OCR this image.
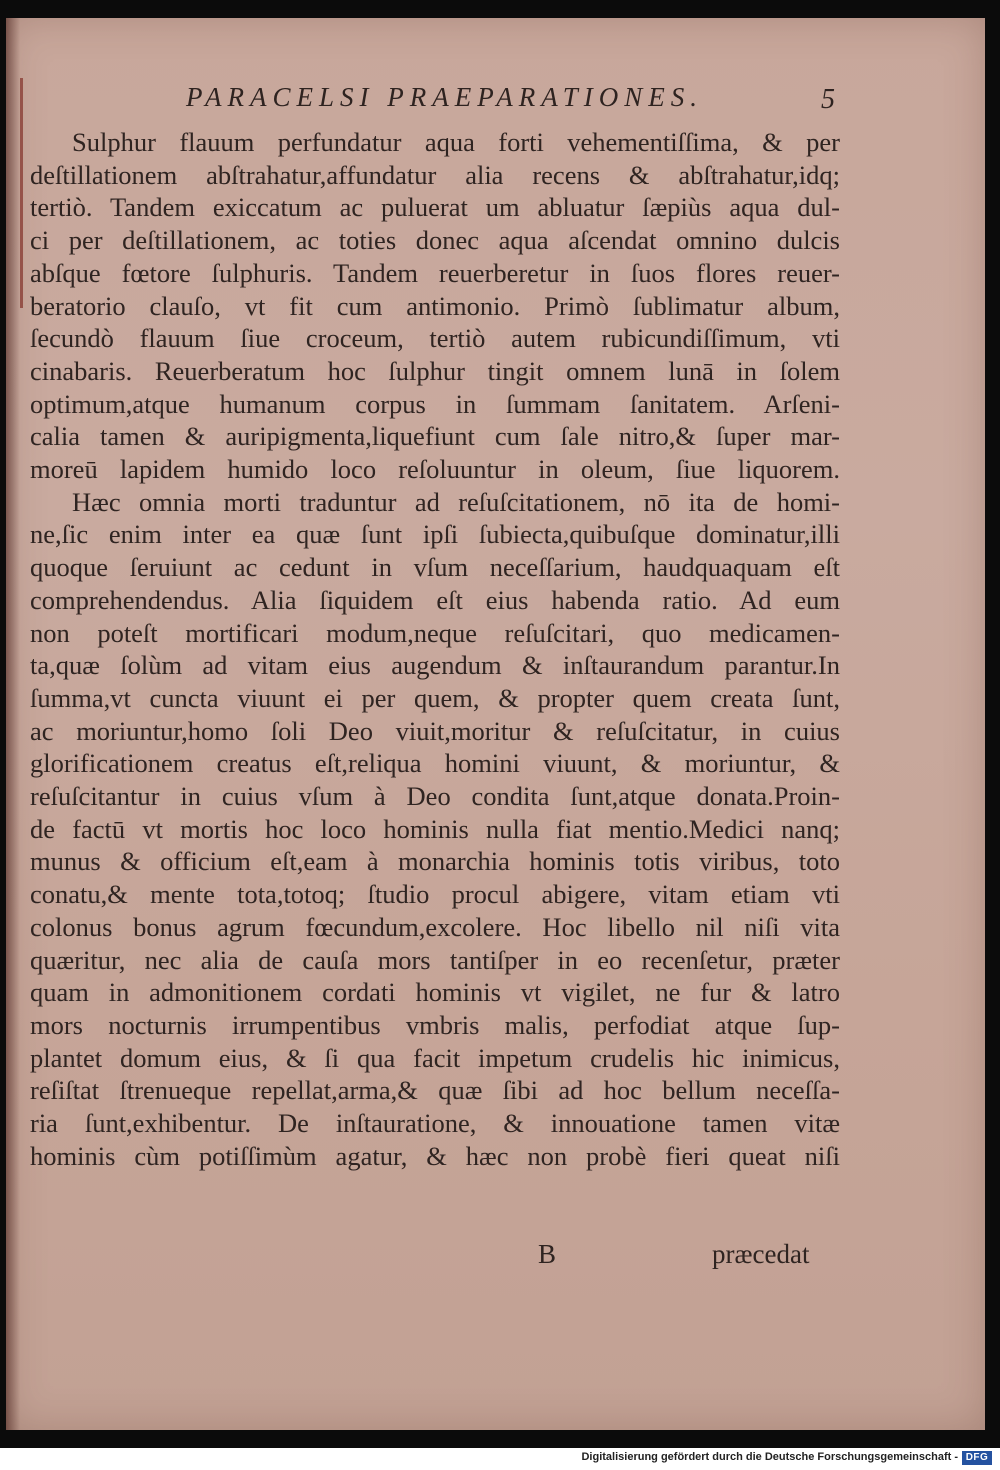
PARACELSI PRAEPARATIONES.	5

Sulphur flauum perfundatur aqua forti vehementiſſima, & per

deſtillationem abſtrahatur,affundatur alia recens & abſtrahatur,idq;

tertiò. Tandem exiccatum ac puluerat um abluatur ſæpiùs aqua dul-

ci per deſtillationem, ac toties donec aqua aſcendat omnino dulcis

abſque fœtore ſulphuris. Tandem reuerberetur in ſuos flores reuer-

beratorio clauſo, vt fit cum antimonio. Primò ſublimatur album,

ſecundò flauum ſiue croceum, tertiò autem rubicundiſſimum, vti

cinabaris. Reuerberatum hoc ſulphur tingit omnem lunā in ſolem

optimum,atque humanum corpus in ſummam ſanitatem. Arſeni-

calia tamen & auripigmenta,liquefiunt cum ſale nitro,& ſuper mar-

moreū lapidem humido loco reſoluuntur in oleum, ſiue liquorem.

Hæc omnia morti traduntur ad reſuſcitationem, nō ita de homi-

ne,ſic enim inter ea quæ ſunt ipſi ſubiecta,quibuſque dominatur,illi

quoque ſeruiunt ac cedunt in vſum neceſſarium, haudquaquam eſt

comprehendendus. Alia ſiquidem eſt eius habenda ratio. Ad eum

non poteſt mortificari modum,neque reſuſcitari, quo medicamen-

ta,quæ ſolùm ad vitam eius augendum & inſtaurandum parantur.In

ſumma,vt cuncta viuunt ei per quem, & propter quem creata ſunt,

ac moriuntur,homo ſoli Deo viuit,moritur & reſuſcitatur, in cuius

glorificationem creatus eſt,reliqua homini viuunt, & moriuntur, &

reſuſcitantur in cuius vſum à Deo condita ſunt,atque donata.Proin-

de factū vt mortis hoc loco hominis nulla fiat mentio.Medici nanq;

munus & officium eſt,eam à monarchia hominis totis viribus, toto

conatu,& mente tota,totoq; ſtudio procul abigere, vitam etiam vti

colonus bonus agrum fœcundum,excolere. Hoc libello nil niſi vita

quæritur, nec alia de cauſa mors tantiſper in eo recenſetur, præter

quam in admonitionem cordati hominis vt vigilet, ne fur & latro

mors nocturnis irrumpentibus vmbris malis, perfodiat atque ſup-

plantet domum eius, & ſi qua facit impetum crudelis hic inimicus,

reſiſtat ſtrenueque repellat,arma,& quæ ſibi ad hoc bellum neceſſa-

ria ſunt,exhibentur. De inſtauratione, & innouatione tamen vitæ

hominis cùm potiſſimùm agatur, & hæc non probè fieri queat niſi

B	præcedat
Digitalisierung gefördert durch die Deutsche Forschungsgemeinschaft - DFG
